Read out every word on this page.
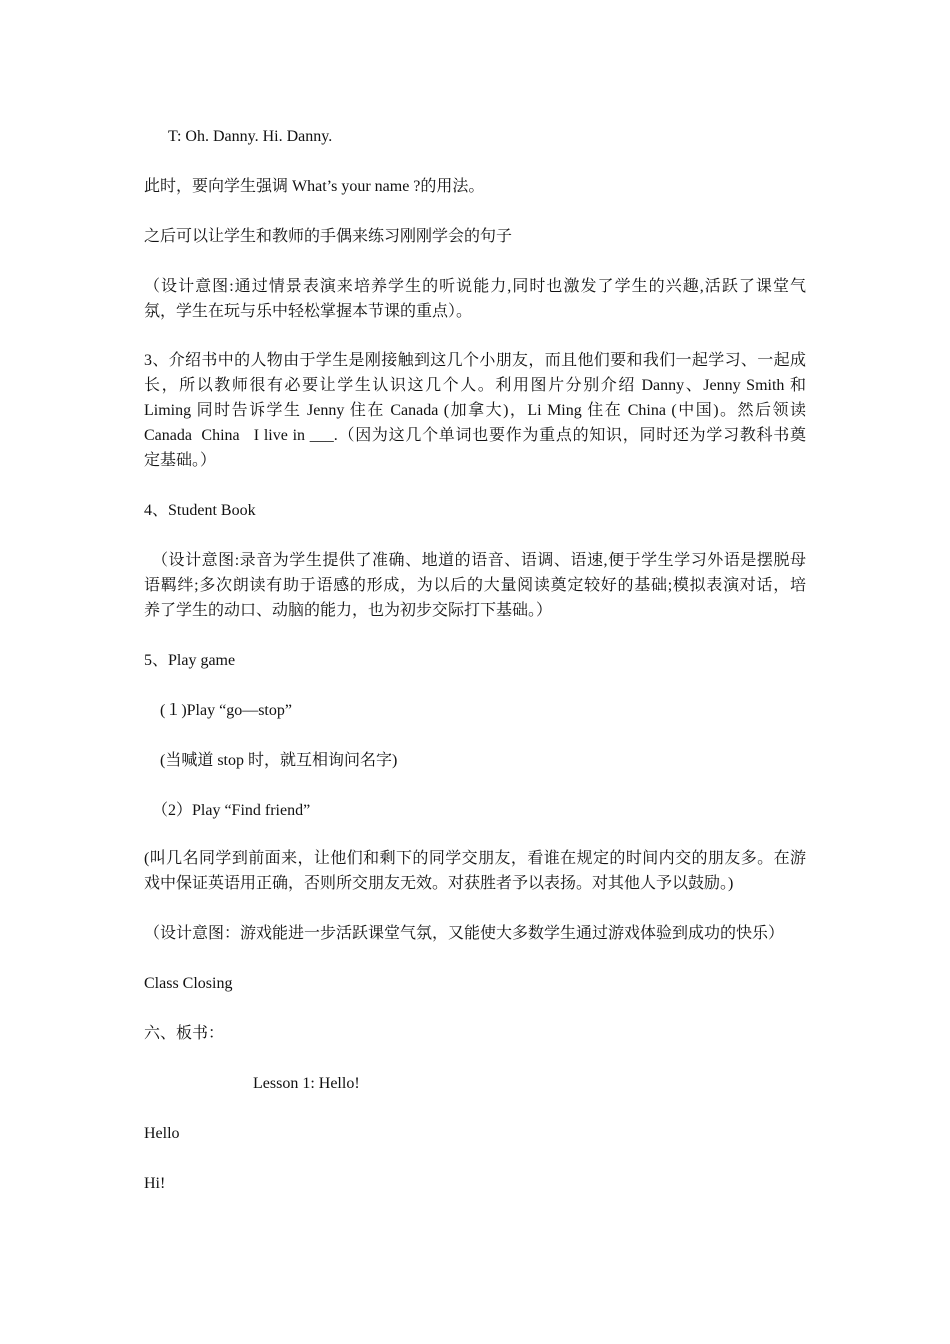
T: Oh. Danny. Hi. Danny.

此时，要向学生强调 What’s your name ?的用法。

之后可以让学生和教师的手偶来练习刚刚学会的句子

（设计意图:通过情景表演来培养学生的听说能力,同时也激发了学生的兴趣,活跃了课堂气
氛，学生在玩与乐中轻松掌握本节课的重点）。

3、介绍书中的人物由于学生是刚接触到这几个小朋友，而且他们要和我们一起学习、一起成
长，所以教师很有必要让学生认识这几个人。利用图片分别介绍 Danny、Jenny Smith 和
Liming 同时告诉学生 Jenny 住在 Canada (加拿大)，Li Ming 住在 China (中国)。然后领读
Canada  China   I live in ___.（因为这几个单词也要作为重点的知识，同时还为学习教科书奠
定基础。）

4、Student Book

（设计意图:录音为学生提供了准确、地道的语音、语调、语速,便于学生学习外语是摆脱母
语羁绊;多次朗读有助于语感的形成，为以后的大量阅读奠定较好的基础;模拟表演对话，培
养了学生的动口、动脑的能力，也为初步交际打下基础。）

5、Play game

(１)Play “go—stop”

(当喊道 stop 时，就互相询问名字)

（2）Play “Find friend”

(叫几名同学到前面来，让他们和剩下的同学交朋友，看谁在规定的时间内交的朋友多。在游
戏中保证英语用正确，否则所交朋友无效。对获胜者予以表扬。对其他人予以鼓励。)

（设计意图：游戏能进一步活跃课堂气氛，又能使大多数学生通过游戏体验到成功的快乐）

Class Closing

六、板书：

Lesson 1: Hello!

Hello

Hi!
